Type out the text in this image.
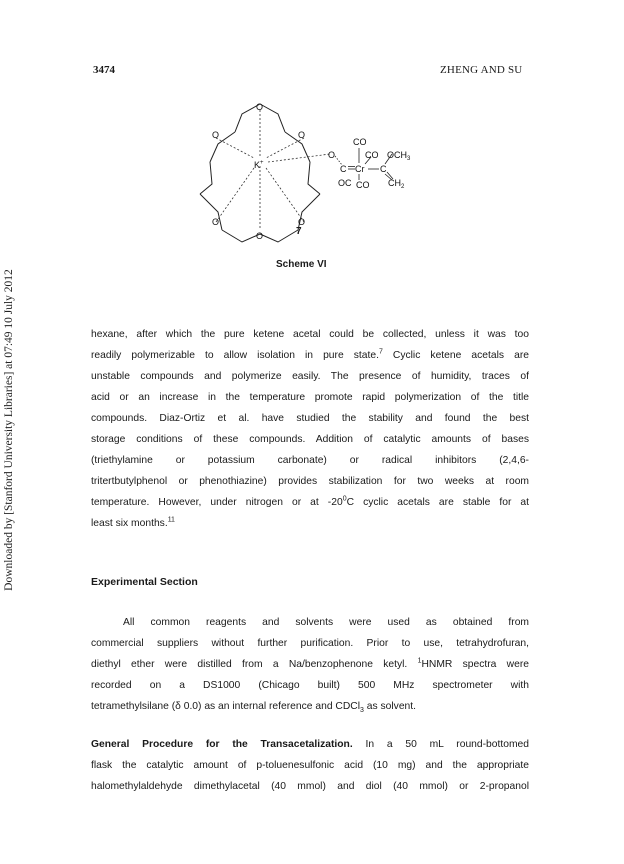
Downloaded by [Stanford University Libraries] at 07:49 10 July 2012
3474	ZHENG AND SU
O
O	O
O	O
O
K+
O
CO
CO $OCH_3$
C Cr C
OC CO $CH_2$
7
Scheme VI

hexane, after which the pure ketene acetal could be collected, unless it was too
readily polymerizable to allow isolation in pure state.$^7$ Cyclic ketene acetals are
unstable compounds and polymerize easily. The presence of humidity, traces of
acid or an increase in the temperature promote rapid polymerization of the title
compounds. Diaz-Ortiz et al. have studied the stability and found the best
storage conditions of these compounds. Addition of catalytic amounts of bases
(triethylamine or potassium carbonate) or radical inhibitors (2,4,6-
tritertbutylphenol or phenothiazine) provides stabilization for two weeks at room
temperature. However, under nitrogen or at $-20^0C$ cyclic acetals are stable for at
least six months.$^{11}$

Experimental Section

All common reagents and solvents were used as obtained from
commercial suppliers without further purification. Prior to use, tetrahydrofuran,
diethyl ether were distilled from a Na/benzophenone ketyl. $^1$HNMR spectra were
recorded on a DS1000 (Chicago built) 500 MHz spectrometer with
tetramethylsilane (δ 0.0) as an internal reference and CDCl$_3$ as solvent.

General Procedure for the Transacetalization. In a 50 mL round-bottomed
flask the catalytic amount of p-toluenesulfonic acid (10 mg) and the appropriate
halomethylaldehyde dimethylacetal (40 mmol) and diol (40 mmol) or 2-propanol
